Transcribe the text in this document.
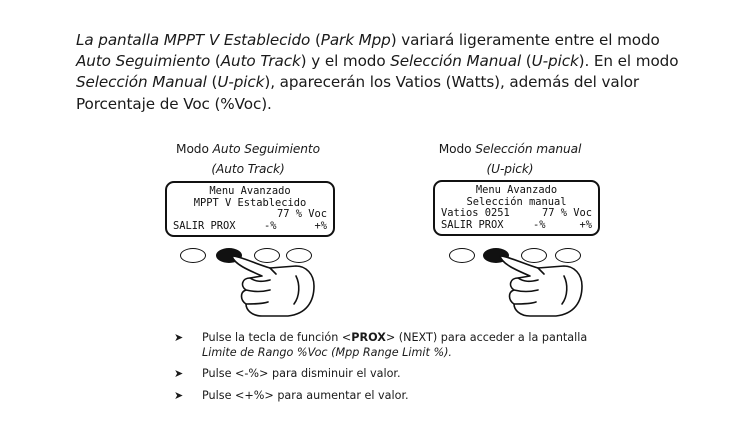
La pantalla MPPT V Establecido (Park Mpp) variará ligeramente entre el modo
Auto Seguimiento (Auto Track) y el modo Selección Manual (U-pick). En el modo
Selección Manual (U-pick), aparecerán los Vatios (Watts), además del valor
Porcentaje de Voc (%Voc).
Modo Auto Seguimiento
(Auto Track)
Menu Avanzado
MPPT V Establecido
77 % Voc
SALIR PROX	-%	+%
Modo Selección manual
(U-pick)
Menu Avanzado
Selección manual
Vatios 0251	77 % Voc
SALIR PROX	-%	+%
➤ Pulse la tecla de función <PROX> (NEXT) para acceder a la pantalla
Limite de Rango %Voc (Mpp Range Limit %).
➤ Pulse <-%> para disminuir el valor.
➤ Pulse <+%> para aumentar el valor.
